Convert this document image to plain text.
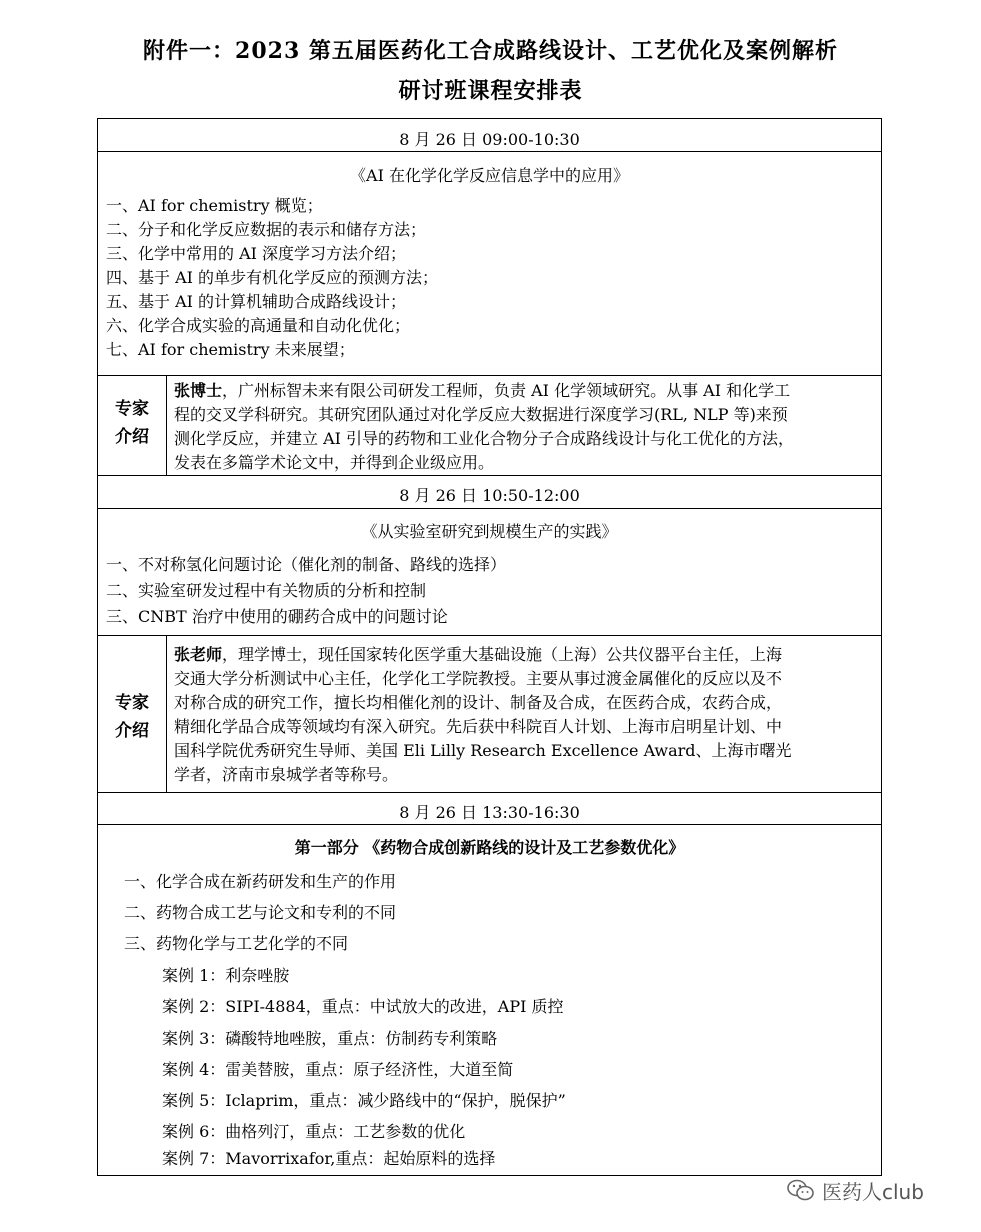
附件一：2023 第五届医药化工合成路线设计、工艺优化及案例解析
研讨班课程安排表
8 月 26 日 09:00-10:30
《AI 在化学化学反应信息学中的应用》
一、AI for chemistry 概览；
二、分子和化学反应数据的表示和储存方法；
三、化学中常用的 AI 深度学习方法介绍；
四、基于 AI 的单步有机化学反应的预测方法；
五、基于 AI 的计算机辅助合成路线设计；
六、化学合成实验的高通量和自动化优化；
七、AI for chemistry 未来展望；
专家
介绍
张博士，广州标智未来有限公司研发工程师，负责 AI 化学领域研究。从事 AI 和化学工
程的交叉学科研究。其研究团队通过对化学反应大数据进行深度学习(RL, NLP 等)来预
测化学反应，并建立 AI 引导的药物和工业化合物分子合成路线设计与化工优化的方法，
发表在多篇学术论文中，并得到企业级应用。
8 月 26 日 10:50-12:00
《从实验室研究到规模生产的实践》
一、不对称氢化问题讨论（催化剂的制备、路线的选择）
二、实验室研发过程中有关物质的分析和控制
三、CNBT 治疗中使用的硼药合成中的问题讨论
专家
介绍
张老师，理学博士，现任国家转化医学重大基础设施（上海）公共仪器平台主任，上海
交通大学分析测试中心主任，化学化工学院教授。主要从事过渡金属催化的反应以及不
对称合成的研究工作，擅长均相催化剂的设计、制备及合成，在医药合成，农药合成，
精细化学品合成等领域均有深入研究。先后获中科院百人计划、上海市启明星计划、中
国科学院优秀研究生导师、美国 Eli Lilly Research Excellence Award、上海市曙光
学者，济南市泉城学者等称号。
8 月 26 日 13:30-16:30
第一部分 《药物合成创新路线的设计及工艺参数优化》
一、化学合成在新药研发和生产的作用
二、药物合成工艺与论文和专利的不同
三、药物化学与工艺化学的不同
案例 1：利奈唑胺
案例 2：SIPI-4884，重点：中试放大的改进，API 质控
案例 3：磷酸特地唑胺，重点：仿制药专利策略
案例 4：雷美替胺，重点：原子经济性，大道至简
案例 5：Iclaprim，重点：减少路线中的“保护，脱保护”
案例 6：曲格列汀，重点：工艺参数的优化
案例 7：Mavorrixafor,重点：起始原料的选择
医药人club
